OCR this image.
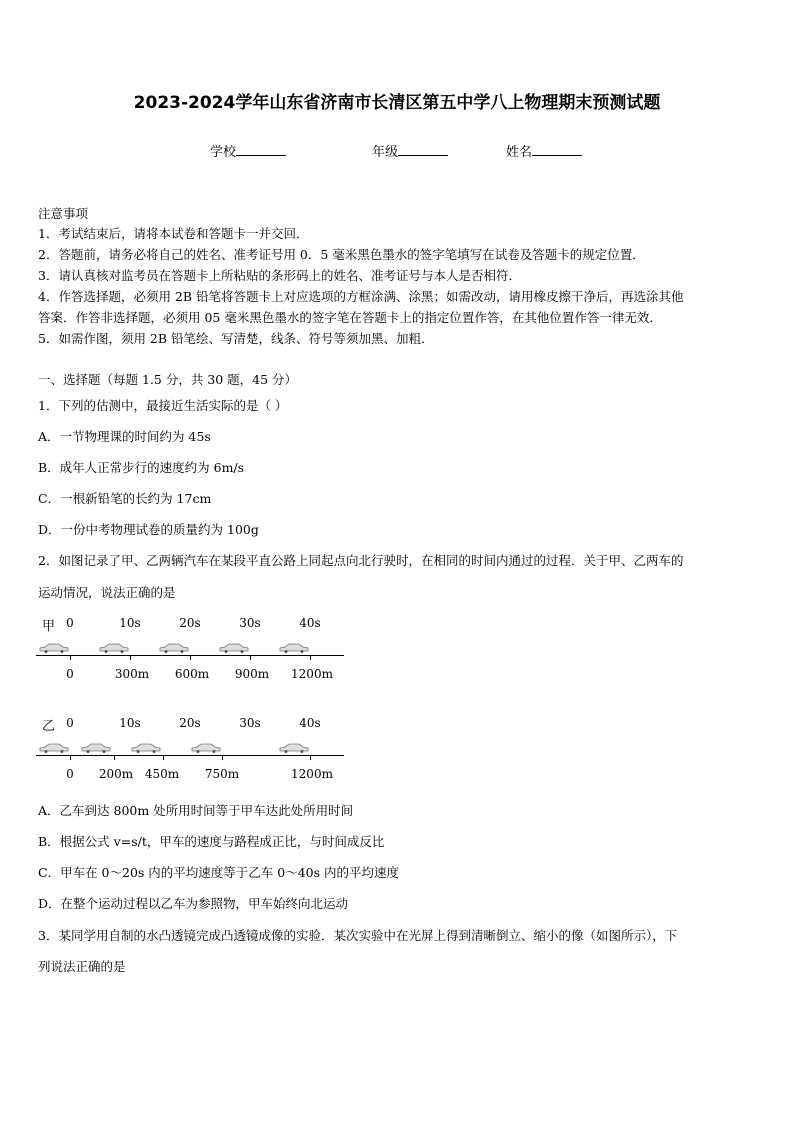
2023-2024学年山东省济南市长清区第五中学八上物理期末预测试题
学校	年级	姓名
注意事项
1．考试结束后，请将本试卷和答题卡一并交回．
2．答题前，请务必将自己的姓名、准考证号用 0．5 毫米黑色墨水的签字笔填写在试卷及答题卡的规定位置．
3．请认真核对监考员在答题卡上所粘贴的条形码上的姓名、准考证号与本人是否相符．
4．作答选择题，必须用 2B 铅笔将答题卡上对应选项的方框涂满、涂黑；如需改动，请用橡皮擦干净后，再选涂其他
答案．作答非选择题，必须用 05 毫米黑色墨水的签字笔在答题卡上的指定位置作答，在其他位置作答一律无效．
5．如需作图，须用 2B 铅笔绘、写清楚，线条、符号等须加黑、加粗．
一、选择题（每题 1.5 分，共 30 题，45 分）
1．下列的估测中，最接近生活实际的是（ ）
A．一节物理课的时间约为 45s
B．成年人正常步行的速度约为 6m/s
C．一根新铅笔的长约为 17cm
D．一份中考物理试卷的质量约为 100g
2．如图记录了甲、乙两辆汽车在某段平直公路上同起点向北行驶时，在相同的时间内通过的过程．关于甲、乙两车的
运动情况，说法正确的是
甲 0	10s	20s	30s	40s
0	300m 600m 900m 1200m
乙 0	10s	20s	30s	40s
0 200m 450m 750m	1200m
A．乙车到达 800m 处所用时间等于甲车达此处所用时间
B．根据公式 v=s/t，甲车的速度与路程成正比，与时间成反比
C．甲车在 0～20s 内的平均速度等于乙车 0～40s 内的平均速度
D．在整个运动过程以乙车为参照物，甲车始终向北运动
3．某同学用自制的水凸透镜完成凸透镜成像的实验．某次实验中在光屏上得到清晰倒立、缩小的像（如图所示），下
列说法正确的是
